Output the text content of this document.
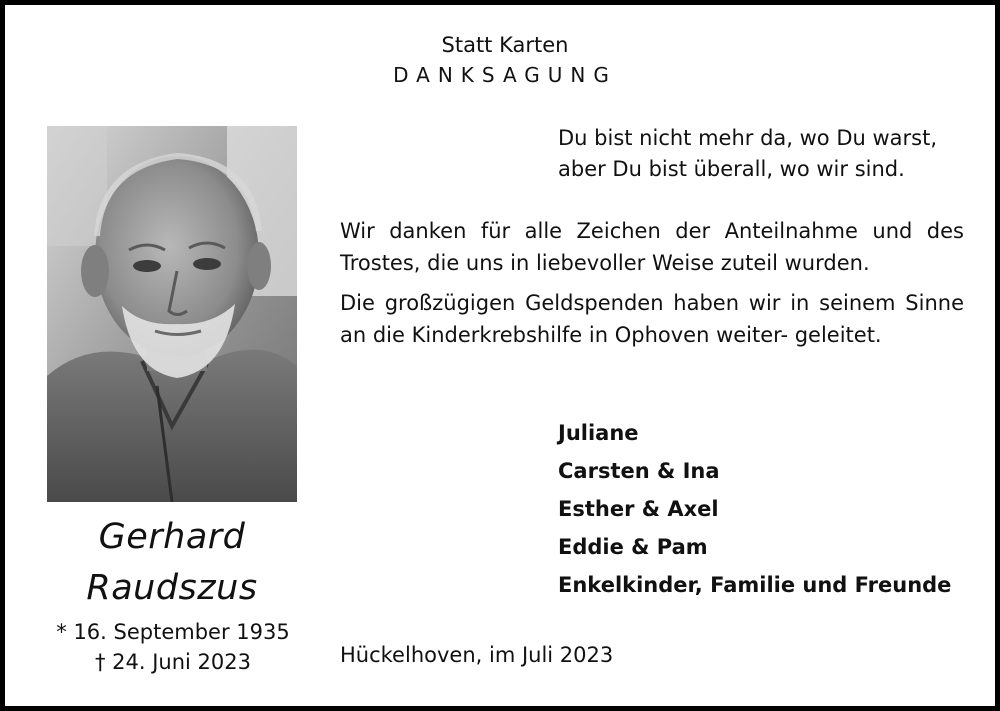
Statt Karten
DANKSAGUNG
Gerhard
Raudszus
* 16. September 1935
† 24. Juni 2023
Du bist nicht mehr da, wo Du warst,
aber Du bist überall, wo wir sind.
Wir danken für alle Zeichen der Anteilnahme und des Trostes, die uns in liebevoller Weise zuteil wurden.
Die großzügigen Geldspenden haben wir in seinem Sinne an die Kinderkrebshilfe in Ophoven weiter- geleitet.
Juliane
Carsten & Ina
Esther & Axel
Eddie & Pam
Enkelkinder, Familie und Freunde
Hückelhoven, im Juli 2023
